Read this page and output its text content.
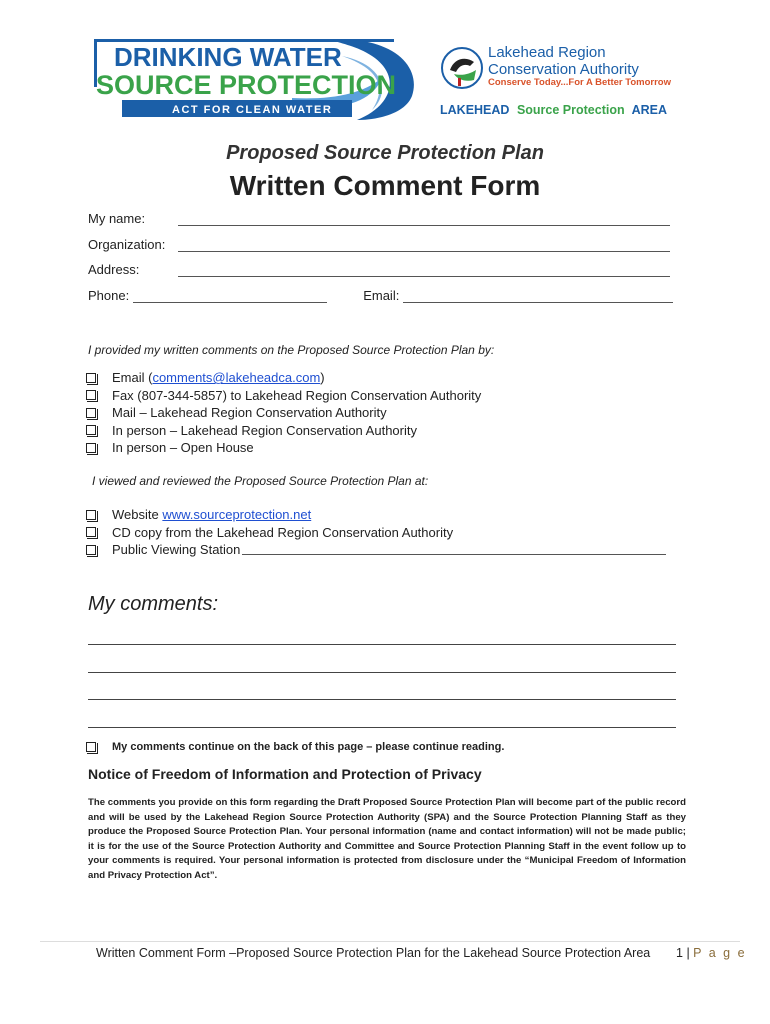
DRINKING WATER
SOURCE PROTECTION
ACT FOR CLEAN WATER
Lakehead Region
Conservation Authority
Conserve Today...For A Better Tomorrow
LAKEHEAD Source Protection AREA
Proposed Source Protection Plan
Written Comment Form
My name:
Organization:
Address:
Phone:	Email:
I provided my written comments on the Proposed Source Protection Plan by:
Email ( comments@lakeheadca.com )
Fax (807-344-5857) to Lakehead Region Conservation Authority
Mail – Lakehead Region Conservation Authority
In person – Lakehead Region Conservation Authority
In person – Open House
I viewed and reviewed the Proposed Source Protection Plan at:
Website
www.sourceprotection.net
CD copy from the Lakehead Region Conservation Authority
Public Viewing Station
My comments:
My comments continue on the back of this page – please continue reading.
Notice of Freedom of Information and Protection of Privacy
The comments you provide on this form regarding the Draft Proposed Source Protection Plan will become part of the public record and will be used by the Lakehead Region Source Protection Authority (SPA) and the Source Protection Planning Staff as they produce the Proposed Source Protection Plan. Your personal information (name and contact information) will not be made public; it is for the use of the Source Protection Authority and Committee and Source Protection Planning Staff in the event follow up to your comments is required. Your personal information is protected from disclosure under the “Municipal Freedom of Information and Privacy Protection Act”.
Written Comment Form –Proposed Source Protection Plan for the Lakehead Source Protection Area 1 | P a g e
